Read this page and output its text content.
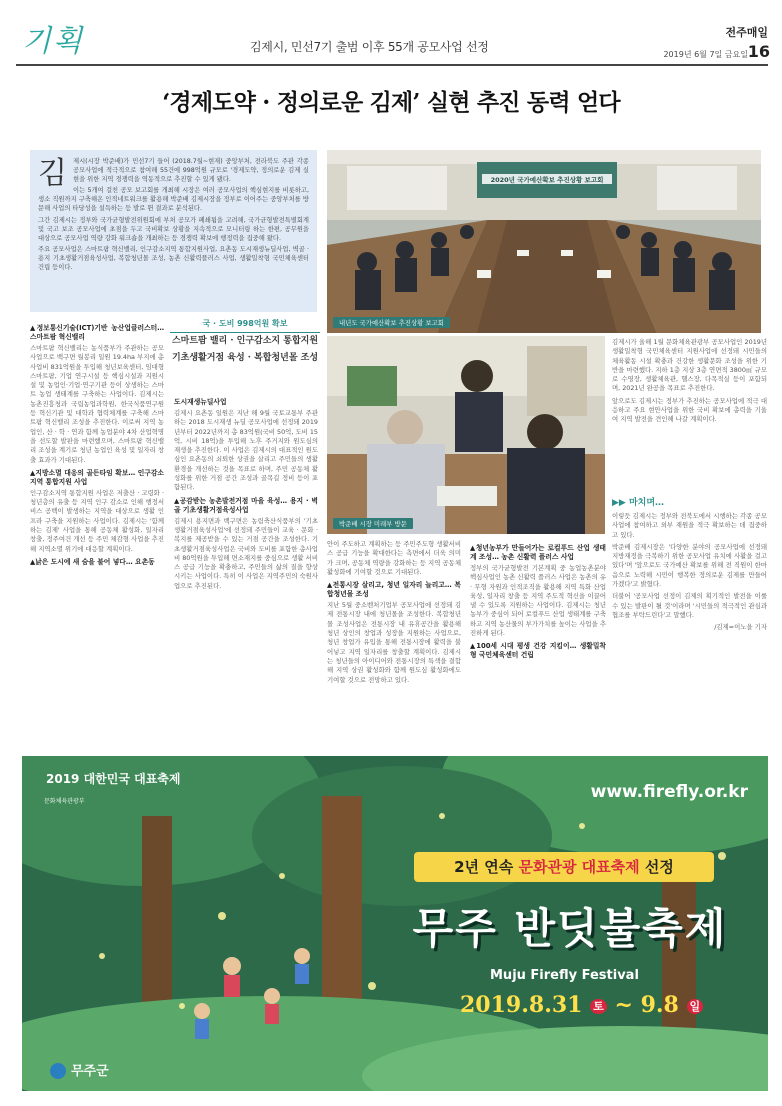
기획	김제시, 민선7기 출범 이후 55개 공모사업 선정
전주매일
2019년 6월 7일 금요일 16
‘경제도약 · 정의로운 김제’ 실현 추진 동력 얻다
김 제시(시장 박준배)가 민선7기 들어 (2018.7월~현재) 중앙부처, 전라북도 주관 각종 공모사업에 적극적으로 참여해 55건에 998억원 규모로 '경제도약, 정의로운 김제 실현을 위한 지역 경쟁력을 역동적으로 추진할 수 있게 됐다.

이는 5개여 걸친 공모 보고회를 개최해 시장은 여러 공모사업의 핵심현지를 비롯하고, 생소 직원까지 구축해온 인적네트워크를 활용해 박준배 김제시장을 정부로 이어주는 중앙부처를 방문해 사업의 타당성을 설득하는 등 발로 뛴 결과로 분석된다.

그간 김제시는 정부와 국가균형발전위원회에 부처 공모가 폐쇄됨을 고려해, 국가균형발전특별회계 및 국고 보조 공모사업에 초점을 두고 국비확보 상황을 지속적으로 모니터링 하는 한편, 공무원을 대상으로 공모사업 역량 강화 워크숍을 개최하는 등 경쟁력 확보에 행정력을 집중해 왔다.

주요 공모사업은 스마트팜 혁신밸리, 인구감소지역 통합지원사업, 요촌동 도시재생뉴딜사업, 벽골 · 용지 기초생활거점육성사업, 복합청년몰 조성, 농촌 신활력플러스 사업, 생활밀착형 국민체육센터 건립 등이다.

2020년 국가예산확보 추진상황 보고회
내년도 국가예산확보 추진상황 보고회
박준배 시장 미래부 방문
국 · 도비 998억원 확보
스마트팜 밸리 · 인구감소지 통합지원
기초생활거점 육성 · 복합청년몰 조성
▲정보통신기술(ICT)기반 농산업클러스터… 스마트팜 혁신밸리

스마트팜 혁신밸리는 농식품부가 주관하는 공모사업으로 백구면 월봉리 일원 19.4ha 부지에 총사업비 831억원을 투입해 청년보육센터, 임대형 스마트팜, 기업 연구시설 등 핵심시설과 지원시설 및 농업인·기업·연구기관 등이 상생하는 스마트 농업 생태계를 구축하는 사업이다. 김제시는 농촌진흥청과 국립농업과학원, 한국식품연구원 등 혁신기관 및 대학과 협력체계를 구축해 스마트팜 혁신밸리 조성을 추진한다. 이로써 지역 농업인, 산 · 학 · 연과 함께 농업분야 4차 산업혁명을 선도할 발판을 마련했으며, 스마트팜 혁신밸리 조성을 계기로 청년 농업인 육성 및 일자리 창출 효과가 기대된다.

▲지방소멸 대응의 골든타임 확보… 인구감소지역 통합지원 사업

인구감소지역 통합지원 사업은 저출산 · 고령화 · 청년층의 유출 등 지역 인구 감소로 인해 행정서비스 공백이 발생하는 지역을 대상으로 생활 인프라 구축을 지원하는 사업이다. 김제시는 '함께하는 김제' 사업을 통해 공동체 활성화, 일자리 창출, 정주여건 개선 등 주민 체감형 사업을 추진해 지역소멸 위기에 대응할 계획이다.

▲낡은 도시에 새 숨을 불어 넣다… 요촌동
도시재생뉴딜사업

김제시 요촌동 일원은 지난 해 9월 국토교통부 주관하는 2018 도시재생 뉴딜 공모사업에 선정돼 2019년부터 2022년까지 총 83억원(국비 50억, 도비 15억, 시비 18억)을 투입해 노후 주거지와 원도심의 재생을 추진한다. 이 사업은 김제시의 대표적인 원도심인 요촌동의 쇠퇴한 상권을 살리고 주민들의 생활환경을 개선하는 것을 목표로 하며, 주민 공동체 활성화를 위한 거점 공간 조성과 골목길 정비 등이 포함된다.

▲공감받는 농촌발전거점 마을 육성… 용지 · 벽골 기초생활거점육성사업

김제시 용지면과 백구면은 농림축산식품부의 '기초생활거점육성사업'에 선정돼 주민들이 교육 · 문화 · 복지를 제공받을 수 있는 거점 공간을 조성한다. 기초생활거점육성사업은 국비와 도비를 포함한 총사업비 80억원을 투입해 면소재지를 중심으로 생활 서비스 공급 기능을 확충하고, 주민들의 삶의 질을 향상시키는 사업이다. 특히 이 사업은 지역주민의 숙원사업으로 추진된다.

안이 주도하고 계획하는 등 주민주도형 생활서비스 공급 기능을 확대한다는 측면에서 더욱 의미가 크며, 공동체 역량을 강화하는 등 지역 공동체 활성화에 기여할 것으로 기대된다.

▲전통시장 살리고, 청년 일자리 늘리고… 복합청년몰 조성

지난 5월 중소벤처기업부 공모사업에 선정돼 김제 전통시장 내에 청년몰을 조성한다. 복합청년몰 조성사업은 전통시장 내 유휴공간을 활용해 청년 상인의 창업과 성장을 지원하는 사업으로, 청년 창업가 유입을 통해 전통시장에 활력을 불어넣고 지역 일자리를 창출할 계획이다. 김제시는 청년들의 아이디어와 전통시장의 특색을 결합해 지역 상권 활성화와 함께 원도심 활성화에도 기여할 것으로 전망하고 있다.

▲청년농부가 만들어가는 로컬푸드 산업 생태계 조성… 농촌 신활력 플러스 사업

정부의 국가균형발전 기본계획 중 농업농촌분야 핵심사업인 농촌 신활력 플러스 사업은 농촌의 유 · 무형 자원과 인적조직을 활용해 지역 특화 산업 육성, 일자리 창출 등 지역 주도적 혁신을 이끌어 낼 수 있도록 지원하는 사업이다. 김제시는 청년농부가 중심이 되어 로컬푸드 산업 생태계를 구축하고 지역 농산물의 부가가치를 높이는 사업을 추진하게 된다.

▲100세 시대 평생 건강 지킴이… 생활밀착형 국민체육센터 건립

김제시가 올해 1월 문화체육관광부 공모사업인 2019년 생활밀착형 국민체육센터 지원사업에 선정돼 시민들의 체육활동 시설 확충과 건강한 생활문화 조성을 위한 기반을 마련했다. 지하 1층 지상 3층 연면적 3800㎡ 규모로 수영장, 생활체육관, 헬스장, 다목적실 등이 포함되며, 2021년 완공을 목표로 추진한다.

앞으로도 김제시는 정부가 추진하는 공모사업에 적극 대응하고 주요 현안사업을 위한 국비 확보에 총력을 기울여 지역 발전을 견인해 나갈 계획이다.

▶▶ 마치며…

이렇듯 김제시는 정부와 전북도에서 시행하는 각종 공모사업에 참여하고 외부 재원을 적극 확보하는 데 집중하고 있다.

박준배 김제시장은 '다양한 분야의 공모사업에 선정돼 지방재정을 극복하기 위한 공모사업 유치에 사활을 걸고 있다'며 '앞으로도 국가예산 확보를 위해 전 직원이 한마음으로 노력해 시민이 행복한 정의로운 김제를 만들어 가겠다'고 밝혔다.

더불어 '공모사업 선정이 김제의 획기적인 발전을 이룰 수 있는 발판이 될 것'이라며 '시민들의 적극적인 관심과 협조를 부탁드린다'고 말했다.

/김제=이노을 기자

2019 대한민국 대표축제
문화체육관광부	www.firefly.or.kr
2년 연속 문화관광 대표축제 선정
무주 반딧불축제
Muju Firefly Festival
2019.8.31 토 ~ 9.8 일
무주군
